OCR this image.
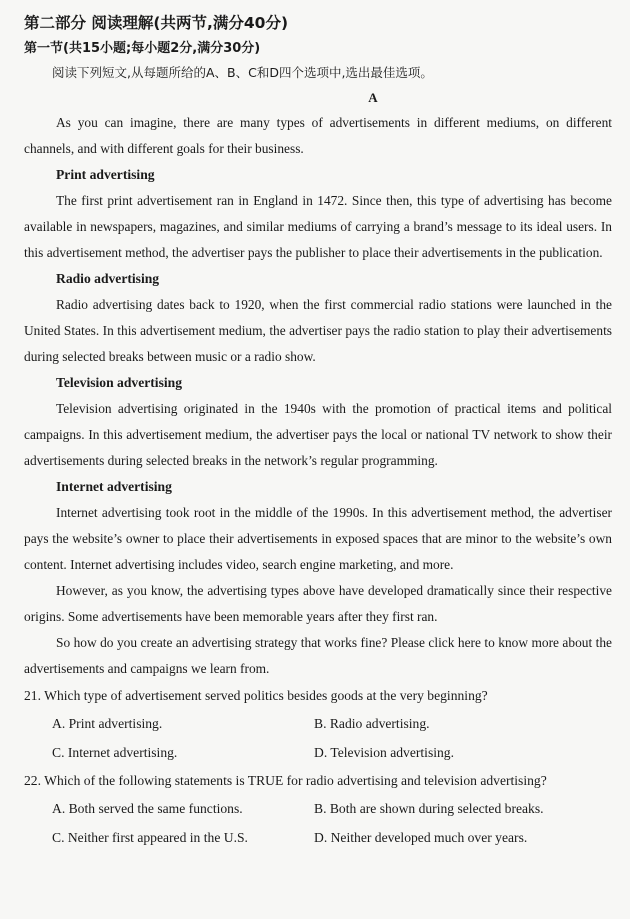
第二部分 阅读理解(共两节,满分40分)
第一节(共15小题;每小题2分,满分30分)
阅读下列短文,从每题所给的A、B、C和D四个选项中,选出最佳选项。
A

As you can imagine, there are many types of advertisements in different mediums, on different channels, and with different goals for their business.

Print advertising

The first print advertisement ran in England in 1472. Since then, this type of advertising has become available in newspapers, magazines, and similar mediums of carrying a brand’s message to its ideal users. In this advertisement method, the advertiser pays the publisher to place their advertisements in the publication.

Radio advertising

Radio advertising dates back to 1920, when the first commercial radio stations were launched in the United States. In this advertisement medium, the advertiser pays the radio station to play their advertisements during selected breaks between music or a radio show.

Television advertising

Television advertising originated in the 1940s with the promotion of practical items and political campaigns. In this advertisement medium, the advertiser pays the local or national TV network to show their advertisements during selected breaks in the network’s regular programming.

Internet advertising

Internet advertising took root in the middle of the 1990s. In this advertisement method, the advertiser pays the website’s owner to place their advertisements in exposed spaces that are minor to the website’s own content. Internet advertising includes video, search engine marketing, and more.

However, as you know, the advertising types above have developed dramatically since their respective origins. Some advertisements have been memorable years after they first ran.

So how do you create an advertising strategy that works fine? Please click here to know more about the advertisements and campaigns we learn from.

21. Which type of advertisement served politics besides goods at the very beginning?
A. Print advertising.	B. Radio advertising.
C. Internet advertising.	D. Television advertising.
22. Which of the following statements is TRUE for radio advertising and television advertising?
A. Both served the same functions.	B. Both are shown during selected breaks.
C. Neither first appeared in the U.S.	D. Neither developed much over years.
